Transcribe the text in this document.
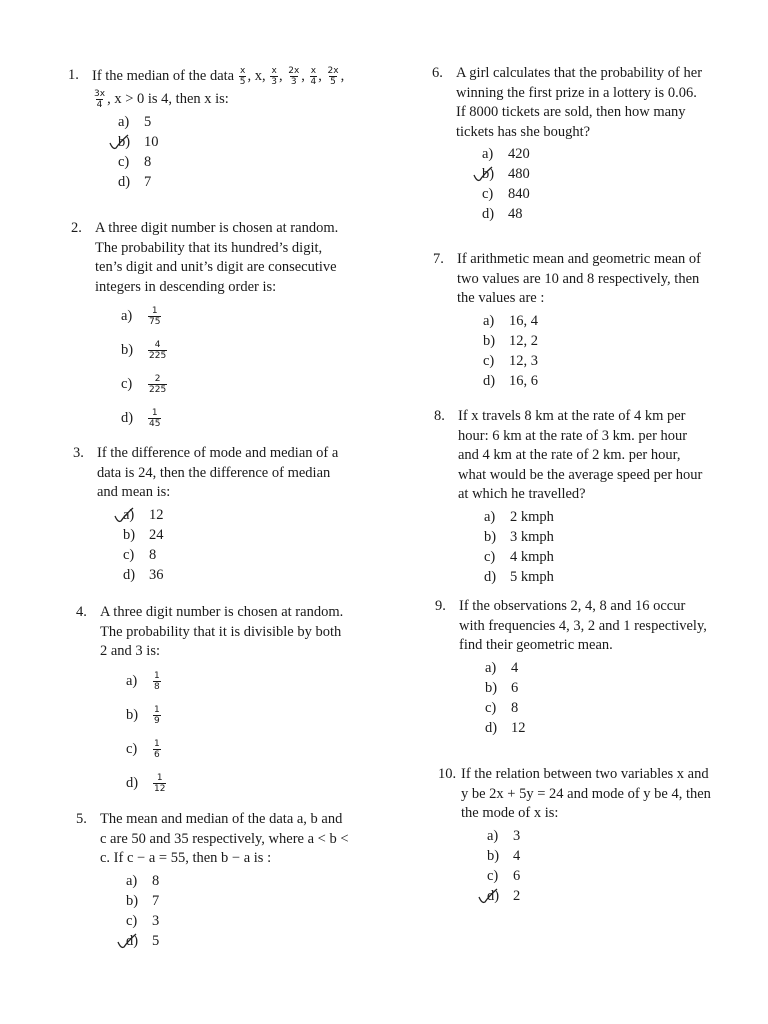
1. If the median of the data $\frac{x}{5}$ , x, $\frac{x}{3}$ , $\frac{2x}{3}$ , $\frac{x}{4}$ , $\frac{2x}{5}$ ,
$\frac{3x}{4}$ , x > 0 is 4, then x is:
a) 5
b) 10
c) 8
d) 7
2. A three digit number is chosen at random.
The probability that its hundred’s digit,
ten’s digit and unit’s digit are consecutive
integers in descending order is:
$a) \frac{1}{75}$
$b) \frac{4}{225}$
$c) \frac{2}{225}$
$d) \frac{1}{45}$
3. If the difference of mode and median of a
data is 24, then the difference of median
and mean is:
a) 12
b) 24
c) 8
d) 36
4. A three digit number is chosen at random.
The probability that it is divisible by both
2 and 3 is:
$a) \frac{1}{8}$
$b) \frac{1}{9}$
$c) \frac{1}{6}$
$d) \frac{1}{12}$
5. The mean and median of the data a, b and
c are 50 and 35 respectively, where a < b <
c. If c − a = 55, then b − a is :
a) 8
b) 7
c) 3
d) 5
6. A girl calculates that the probability of her
winning the first prize in a lottery is 0.06.
If 8000 tickets are sold, then how many
tickets has she bought?
a) 420
b) 480
c) 840
d) 48
7. If arithmetic mean and geometric mean of
two values are 10 and 8 respectively, then
the values are :
a) 16, 4
b) 12, 2
c) 12, 3
d) 16, 6
8. If x travels 8 km at the rate of 4 km per
hour: 6 km at the rate of 3 km. per hour
and 4 km at the rate of 2 km. per hour,
what would be the average speed per hour
at which he travelled?
a) 2 kmph
b) 3 kmph
c) 4 kmph
d) 5 kmph
9. If the observations 2, 4, 8 and 16 occur
with frequencies 4, 3, 2 and 1 respectively,
find their geometric mean.
a) 4
b) 6
c) 8
d) 12
10. If the relation between two variables x and
y be 2x + 5y = 24 and mode of y be 4, then
the mode of x is:
a) 3
b) 4
c) 6
d) 2
